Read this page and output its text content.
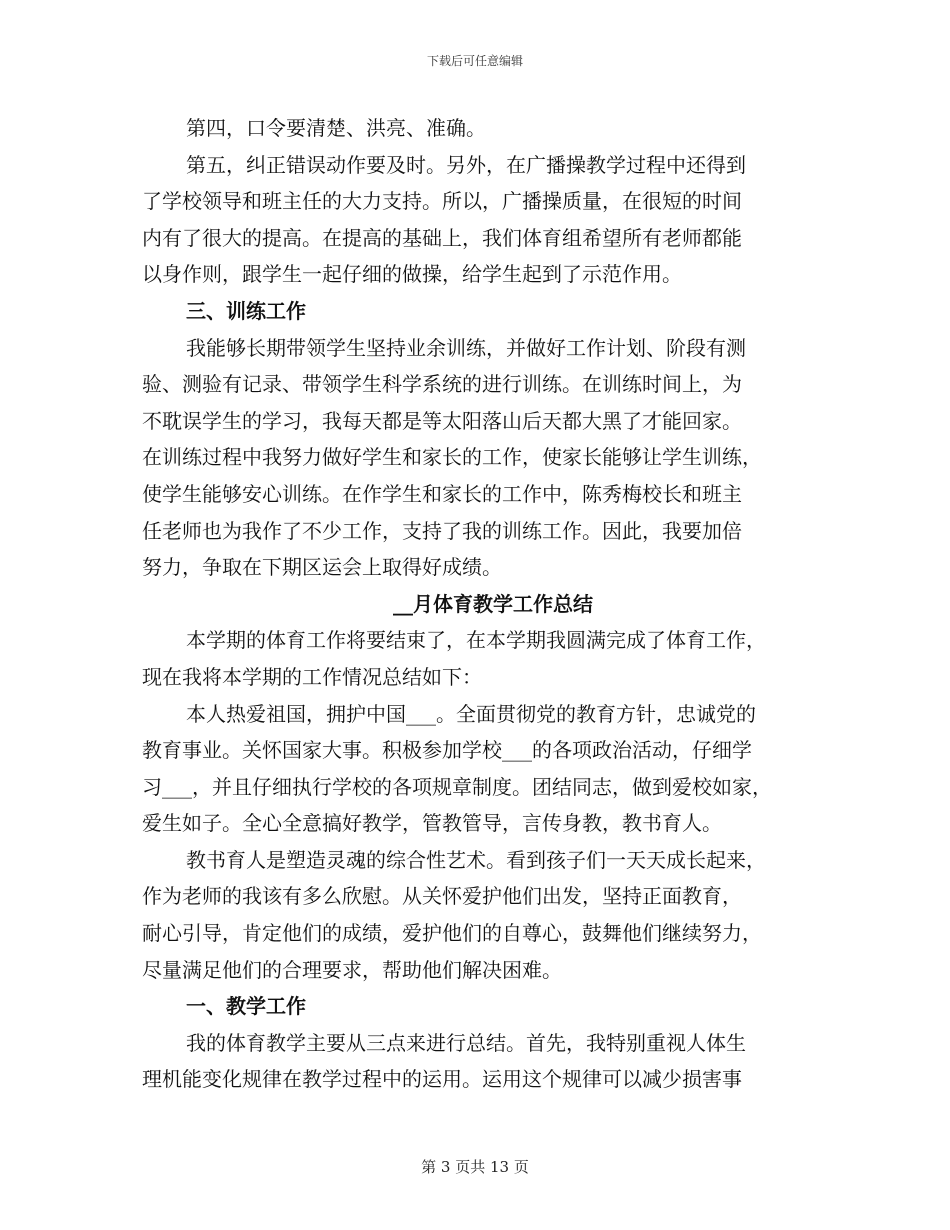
下载后可任意编辑
第四，口令要清楚、洪亮、准确。
第五，纠正错误动作要及时。另外，在广播操教学过程中还得到
了学校领导和班主任的大力支持。所以，广播操质量，在很短的时间
内有了很大的提高。在提高的基础上，我们体育组希望所有老师都能
以身作则，跟学生一起仔细的做操，给学生起到了示范作用。
三、训练工作
我能够长期带领学生坚持业余训练，并做好工作计划、阶段有测
验、测验有记录、带领学生科学系统的进行训练。在训练时间上，为
不耽误学生的学习，我每天都是等太阳落山后天都大黑了才能回家。
在训练过程中我努力做好学生和家长的工作，使家长能够让学生训练，
使学生能够安心训练。在作学生和家长的工作中，陈秀梅校长和班主
任老师也为我作了不少工作，支持了我的训练工作。因此，我要加倍
努力，争取在下期区运会上取得好成绩。
__月体育教学工作总结
本学期的体育工作将要结束了，在本学期我圆满完成了体育工作，
现在我将本学期的工作情况总结如下：
本人热爱祖国，拥护中国___。全面贯彻党的教育方针，忠诚党的
教育事业。关怀国家大事。积极参加学校___的各项政治活动，仔细学
习___，并且仔细执行学校的各项规章制度。团结同志，做到爱校如家，
爱生如子。全心全意搞好教学，管教管导，言传身教，教书育人。
教书育人是塑造灵魂的综合性艺术。看到孩子们一天天成长起来，
作为老师的我该有多么欣慰。从关怀爱护他们出发，坚持正面教育，
耐心引导，肯定他们的成绩，爱护他们的自尊心，鼓舞他们继续努力，
尽量满足他们的合理要求，帮助他们解决困难。
一、教学工作
我的体育教学主要从三点来进行总结。首先，我特别重视人体生
理机能变化规律在教学过程中的运用。运用这个规律可以减少损害事
第 3 页共 13 页
